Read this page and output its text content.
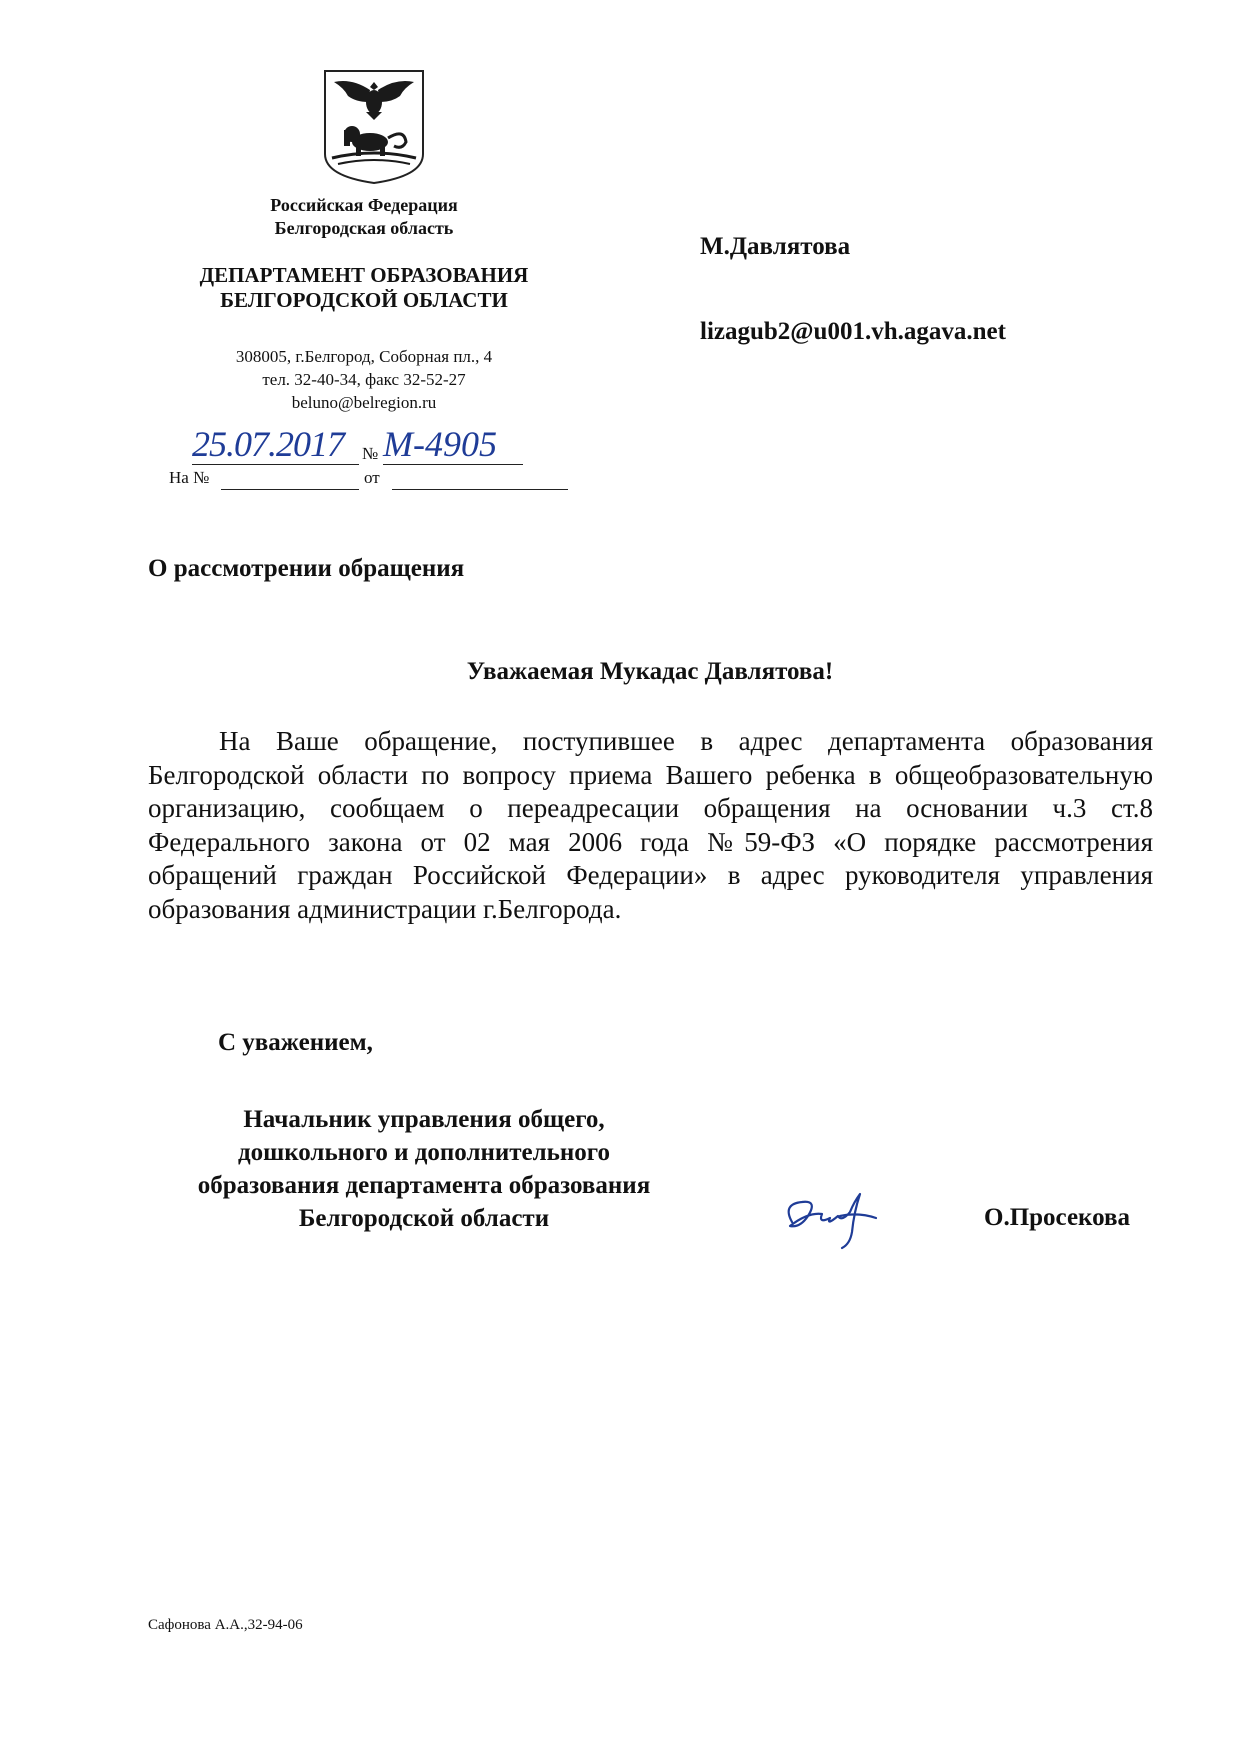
Российская Федерация
Белгородская область
ДЕПАРТАМЕНТ ОБРАЗОВАНИЯ
БЕЛГОРОДСКОЙ ОБЛАСТИ
308005, г.Белгород, Соборная пл., 4
тел. 32-40-34, факс 32-52-27
beluno@belregion.ru
25.07.2017	№ М-4905
На №	от
М.Давлятова
lizagub2@u001.vh.agava.net
О рассмотрении обращения
Уважаемая Мукадас Давлятова!
На Ваше обращение, поступившее в адрес департамента образования Белгородской области по вопросу приема Вашего ребенка в общеобразовательную организацию, сообщаем о переадресации обращения на основании ч.3 ст.8 Федерального закона от 02 мая 2006 года №59-ФЗ «О порядке рассмотрения обращений граждан Российской Федерации» в адрес руководителя управления образования администрации г.Белгорода.
С уважением,
Начальник управления общего,
дошкольного и дополнительного
образования департамента образования
Белгородской области	О.Просекова
Сафонова А.А.,32-94-06
